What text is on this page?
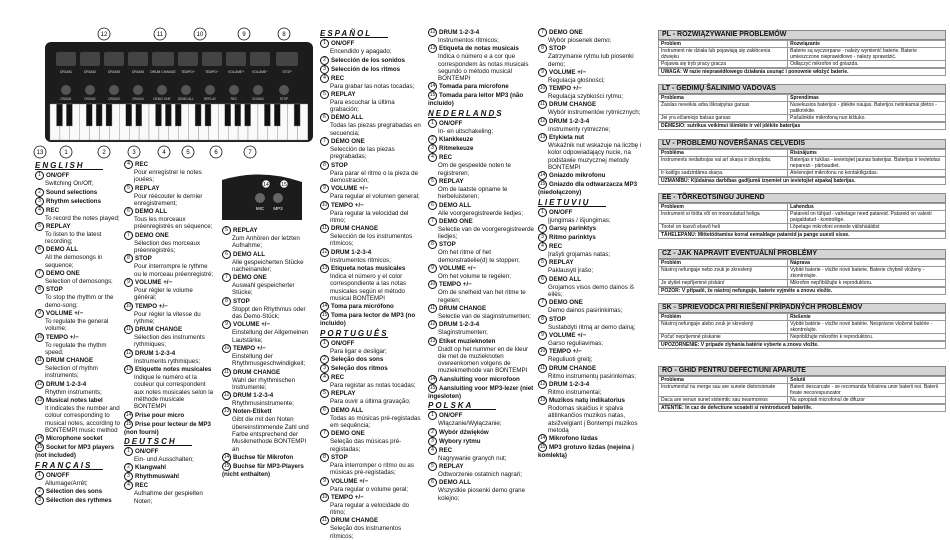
DRUM1	DRUM2	DRUM3	DRUM4 DRUM CHANGE TEMPO+	TEMPO−	VOLUME+ VOLUME−	STOP
DRUM1	DRUM2	DRUM3	DRUM4	DEMO ONE DEMO ALL	REPLAY	REC	SOUND	STOP
12	11	10	9	8
13	1	2	3	4	5	6	7
14 15
MIC MP3
ENGLISH
1 ON/OFF
Switching On/Off;
2 Sound selections
3 Rhythm selections
4 REC
To record the notes played;
5 REPLAY
To listen to the latest recording;
6 DEMO ALL
All the demosongs in sequence;
7 DEMO ONE
Selection of demosongs;
8 STOP
To stop the rhythm or the demo-song;
9 VOLUME +/−
To regulate the general volume;
10 TEMPO +/−
To regulate the rhythm speed;
11 DRUM CHANGE
Selection of rhythm instruments;
12 DRUM 1-2-3-4
Rhythm instruments;
13 Musical notes label
It indicates the number and colour corresponding to musical notes, according to BONTEMPI music method
14 Microphone socket
15 Socket for MP3 players (not included)
FRANÇAIS
1 ON/OFF
Allumage/Arrêt;
2 Sélection des sons
3 Sélection des rythmes
4 REC
Pour enregistrer le notes jouées;
5 REPLAY
Pour réécouter le dernier enregistrement;
6 DEMO ALL
Tous les morceaux préenregistrés en séquence;
7 DEMO ONE
Sélection des morceaux préenregistrés;
8 STOP
Pour interrompre le rythme ou le morceau préenregistré;
9 VOLUME +/−
Pour régler le volume général;
10 TEMPO +/−
Pour régler la vitesse du rythme;
11 DRUM CHANGE
Sélection des instruments rythmiques;
12 DRUM 1-2-3-4
Instruments rythmiques;
13 Etiquette notes musicales
Indique le numéro et la couleur qui correspondent aux notes musicales selon la méthode musicale BONTEMPI
14 Prise pour micro
15 Prise pour lecteur de MP3 (non fourni)
DEUTSCH
1 ON/OFF
Ein- und Ausschalten;
2 Klangwahl
3 Rhythmuswahl
4 REC
Aufnahme der gespielten Noten;
5 REPLAY
Zum Anhören der letzten Aufnahme;
6 DEMO ALL
Alle gespeicherten Stücke nacheinander;
7 DEMO ONE
Auswahl gespeicherter Stücke;
8 STOP
Stoppt den Rhythmus oder das Demo-Stück;
9 VOLUME +/−
Einstellung der Allgemeinen Lautstärke;
10 TEMPO +/−
Einstellung der Rhythmusgeschwindigkeit;
11 DRUM CHANGE
Wahl der rhythmischen Instrumente;
12 DRUM 1-2-3-4
Rhythmusinstrumente;
13 Noten-Etikett
Gibt die mit den Noten übereinstimmende Zahl und Farbe entsprechend der Musikmethode BONTEMPI an
14 Buchse für Mikrofon
15 Buchse für MP3-Players (nicht enthalten)
ESPAÑOL
1 ON/OFF
Encendido y apagado;
2 Selección de los sonidos
3 Selección de los ritmos
4 REC
Para grabar las notas tocadas;
5 REPLAY
Para escuchar la última grabación;
6 DEMO ALL
Todas las piezas pregrabadas en secuencia;
7 DEMO ONE
Selección de las piezas pregrabadas;
8 STOP
Para parar el ritmo o la pieza de demostración;
9 VOLUME +/−
Para regular el volumen general;
10 TEMPO +/−
Para regular la velocidad del ritmo;
11 DRUM CHANGE
Selección de los instrumentos rítmicos;
12 DRUM 1-2-3-4
Instrumentos rítmicos;
13 Etiqueta notas musicales
Indica el número y el color correspondiente a las notas musicales según el método musical BONTEMPI
14 Toma para micrófono
15 Toma para lector de MP3 (no incluido)
PORTUGUÊS
1 ON/OFF
Para ligar e desligar;
2 Seleção dos sons
3 Seleção dos ritmos
4 REC
Para registar as notas tocadas;
5 REPLAY
Para ouvir a última gravação;
6 DEMO ALL
Todas as músicas pré-registadas em sequência;
7 DEMO ONE
Seleção das músicas pré-registadas;
8 STOP
Para interromper o ritmo ou as músicas pré-registadas;
9 VOLUME +/−
Para regular o volume geral;
10 TEMPO +/−
Para regular a velocidade do ritmo;
11 DRUM CHANGE
Seleção dos instrumentos rítmicos;
12 DRUM 1-2-3-4
Instrumentos rítmicos;
13 Etiqueta de notas musicais
Indica o número e a cor que correspondem às notas musicais segundo o método musical BONTEMPI
14 Tomada para microfone
15 Tomada para leitor MP3 (não incluído)
NEDERLANDS
1 ON/OFF
In- en uitschakeling;
2 Klankkeuze
3 Ritmekeuze
4 REC
Om de gespeelde noten te registreren;
5 REPLAY
Om de laatste opname te herbeluisteren;
6 DEMO ALL
Alle voorgeregistreerde liedjes;
7 DEMO ONE
Selectie van de voorgeregistreerde liedjes;
8 STOP
Om het ritme of het demonstratielie(d) te stoppen;
9 VOLUME +/−
Om het volume te regelen;
10 TEMPO +/−
Om de snelheid van het ritme te regelen;
11 DRUM CHANGE
Selectie van de slaginstrumenten;
12 DRUM 1-2-3-4
Slaginstrumenten;
13 Etiket muzieknoten
Duidt op het nummer en de kleur die met de muzieknoten overeenkomen volgens de muziekmethode van BONTEMPI
14 Aansluiting voor microfoon
15 Aansluiting voor MP3-lezer (niet ingesloten)
POLSKA
1 ON/OFF
Włączanie/Wyłączanie;
2 Wybór dźwięków
3 Wybory rytmu
4 REC
Nagrywanie granych nut;
5 REPLAY
Odtworzenie ostatnich nagrań;
6 DEMO ALL
Wszystkie piosenki demo grane kolejno;
7 DEMO ONE
Wybór piosenek demo;
8 STOP
Zatrzymanie rytmu lub piosenki demo;
9 VOLUME +/−
Regulacja głośności;
10 TEMPO +/−
Regulacja szybkości rytmu;
11 DRUM CHANGE
Wybór instrumentów rytmicznych;
12 DRUM 1-2-3-4
Instrumenty rytmiczne;
13 Etykieta nut
Wskaźnik nut wskazuje na liczbę i kolor odpowiadający nucie, na podstawie muzycznej metody BONTEMPI
14 Gniazdo mikrofonu
15 Gniazdo dla odtwarzacza MP3 (niedołączony)
LIETUVIŲ
1 ON/OFF
Įjungimas / išjungimas;
2 Garsų parinktys
3 Ritmo parinktys
4 REC
Įrašyti grojamas natas;
5 REPLAY
Paklausyti įrašo;
6 DEMO ALL
Grojamos visos demo dainos iš eilės;
7 DEMO ONE
Demo dainos pasirinkimas;
8 STOP
Sustabdyti ritmą ar demo dainą;
9 VOLUME +/−
Garso reguliavimas;
10 TEMPO +/−
Reguliuoti greitį;
11 DRUM CHANGE
Ritmo instrumentų pasirinkimas;
12 DRUM 1-2-3-4
Ritmo instrumentai;
13 Muzikos natų indikatorius
Rodomas skaičius ir spalva atitinkančios muzikos natas, atsižvelgiant į Bontempi muzikos metodą
14 Mikrofono lizdas
15 MP3 grotuvo lizdas (nejeina į komlektą)
PL - ROZWIĄZYWANIE PROBLEMÓW
Problem	Rozwiązanie
Instrument nie działa lub pojawiają się zakłócenia dźwięku	Baterie są wyczerpane - należy wymienić baterie. Baterie umieszczone nieprawidłowo - należy sprawdzić.
Pojawia się tryb pracy gracza	Odłączyć mikrofon od gniazda.
UWAGA: W razie nieprawidłowego działania usunąć i ponownie włożyć baterie.
LT - GEDIMŲ ŠALINIMO VADOVAS
Problema	Sprendimas
Žaislas neveikia arba iškraipytas garsas	Nusekusios baterijos - įdėkite naujas. Baterijos netinkamai įdėtos - patikrinkite.
Jei yra ečiamiojo balsas garsas	Pašalinkite mikrofoną nuo kištuko.
DĖMESIO: sutrikus veikimui išimkite ir vėl įdėkite baterijas
LV - PROBLĒMU NOVĒRŠANAS CEĻVEDIS
Problēma	Risinājums
Instruments nedarbojas vai arī skaņa ir izkropļota.	Baterijas ir tukšas - ievietojiet jaunas baterijas. Baterijas ir ievietotas nepareizi - pārbaudiet.
Ir kaitīgs sadzirdāma skaņa.	Atvienojiet mikrofonu no kontaktligzdas.
UZMANĪBU: Kļūdainas darbības gadījumā izņemiet un ievietojiet atpakaļ baterijas.
EE - TÕRKEOTSINGU JUHEND
Probleem	Lahendus
Instrument ei tööta või on moonutatud heliga	Patareid on tühjad - vahetage need patareid. Patareid on valesti paigaldatud - kontrollige.
Tootel on kasvõ ebavõ heli	Lõpetage mikrofoni ennede välishääldist
TÄHELEPANU: Mittetöötamise korral eemaldage patareid ja pange uuesti sisse.
CZ - JAK NAPRAVIT EVENTUÁLNÍ PROBLÉMY
Problém	Náprava
Nástroj nefunguje nebo zvuk je zkreslený	Vybité baterie - vložte nové baterie. Baterie chybně vloženy - zkontrolujte.
Je slyšet nepříjemné pískání	Mikrofon nepřibližujte k reproduktoru.
POZOR: V případě, že nástroj nefunguje, baterie vyjměte a znovu vložte.
SK - SPRIEVODCA PRI RIEŠENÍ PRÍPADNÝCH PROBLÉMOV
Problém	Riešenie
Nástroj nefunguje alebo zvuk je skreslený	Vybité batérie - vložte nové batérie. Nesprávne vložené batérie - skontrolujte.
Počuť nepríjemné pískanie	Nepribližujte mikrofón k reproduktoru.
UPOZORNENIE: V prípade zlyhania batérie vyberte a znovu vložte.
RO - GHID PENTRU DEFECTIUNI APARUTE
Problema	Solutii
Instrumentul nu merge sau are sunete distorsionate	Baterii descarcate - se recomanda folosirea unor baterii noi. Baterii fixate necorespunzator
Daca are venun sunet sistemtic sau nearmonios	Nu apropiati microfonul de difuzor
ATENTIE: In caz de defectiune scoateti si reintroduceti bateriile.
